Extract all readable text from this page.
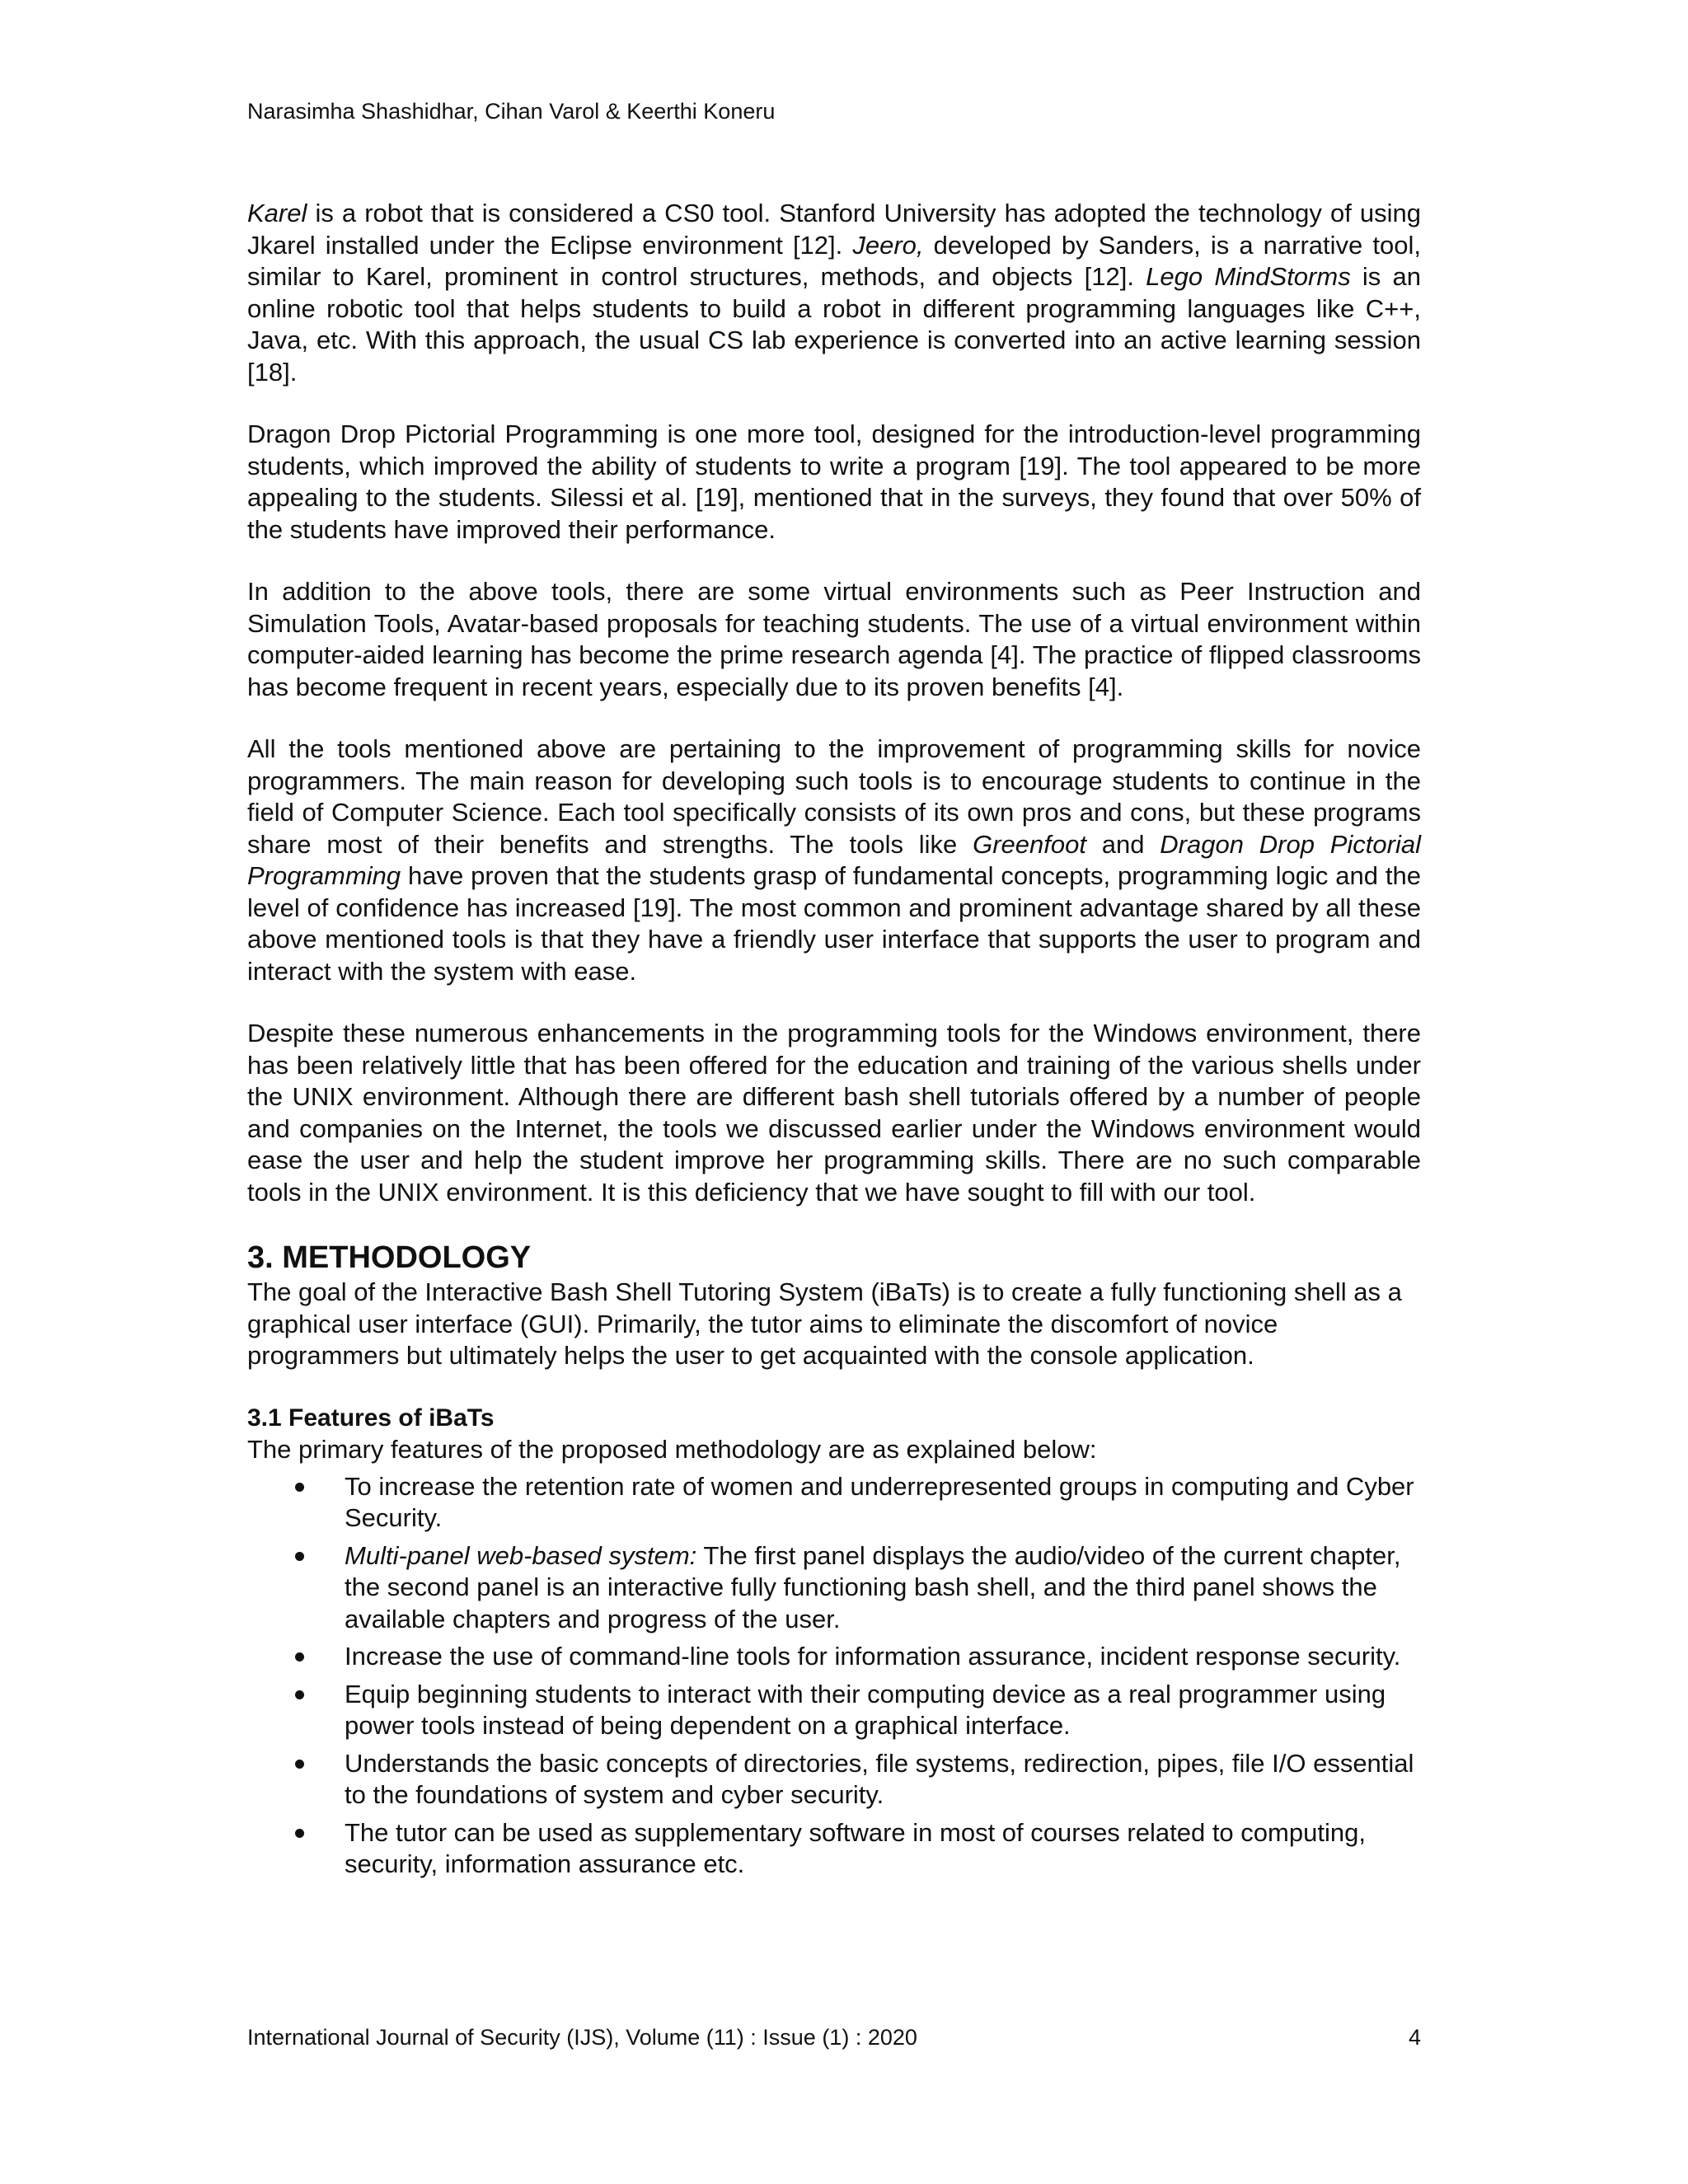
Narasimha Shashidhar, Cihan Varol & Keerthi Koneru

Karel is a robot that is considered a CS0 tool. Stanford University has adopted the technology of using Jkarel installed under the Eclipse environment [12]. Jeero, developed by Sanders, is a narrative tool, similar to Karel, prominent in control structures, methods, and objects [12]. Lego MindStorms is an online robotic tool that helps students to build a robot in different programming languages like C++, Java, etc. With this approach, the usual CS lab experience is converted into an active learning session [18].

Dragon Drop Pictorial Programming is one more tool, designed for the introduction-level programming students, which improved the ability of students to write a program [19]. The tool appeared to be more appealing to the students. Silessi et al. [19], mentioned that in the surveys, they found that over 50% of the students have improved their performance.

In addition to the above tools, there are some virtual environments such as Peer Instruction and Simulation Tools, Avatar-based proposals for teaching students. The use of a virtual environment within computer-aided learning has become the prime research agenda [4]. The practice of flipped classrooms has become frequent in recent years, especially due to its proven benefits [4].

All the tools mentioned above are pertaining to the improvement of programming skills for novice programmers. The main reason for developing such tools is to encourage students to continue in the field of Computer Science. Each tool specifically consists of its own pros and cons, but these programs share most of their benefits and strengths. The tools like Greenfoot and Dragon Drop Pictorial Programming have proven that the students grasp of fundamental concepts, programming logic and the level of confidence has increased [19]. The most common and prominent advantage shared by all these above mentioned tools is that they have a friendly user interface that supports the user to program and interact with the system with ease.

Despite these numerous enhancements in the programming tools for the Windows environment, there has been relatively little that has been offered for the education and training of the various shells under the UNIX environment. Although there are different bash shell tutorials offered by a number of people and companies on the Internet, the tools we discussed earlier under the Windows environment would ease the user and help the student improve her programming skills. There are no such comparable tools in the UNIX environment. It is this deficiency that we have sought to fill with our tool.

3. METHODOLOGY

The goal of the Interactive Bash Shell Tutoring System (iBaTs) is to create a fully functioning shell as a graphical user interface (GUI). Primarily, the tutor aims to eliminate the discomfort of novice programmers but ultimately helps the user to get acquainted with the console application.

3.1 Features of iBaTs

The primary features of the proposed methodology are as explained below:

To increase the retention rate of women and underrepresented groups in computing and Cyber Security.
Multi-panel web-based system: The first panel displays the audio/video of the current chapter, the second panel is an interactive fully functioning bash shell, and the third panel shows the available chapters and progress of the user.
Increase the use of command-line tools for information assurance, incident response security.
Equip beginning students to interact with their computing device as a real programmer using power tools instead of being dependent on a graphical interface.
Understands the basic concepts of directories, file systems, redirection, pipes, file I/O essential to the foundations of system and cyber security.
The tutor can be used as supplementary software in most of courses related to computing, security, information assurance etc.
International Journal of Security (IJS), Volume (11) : Issue (1) : 2020	4
